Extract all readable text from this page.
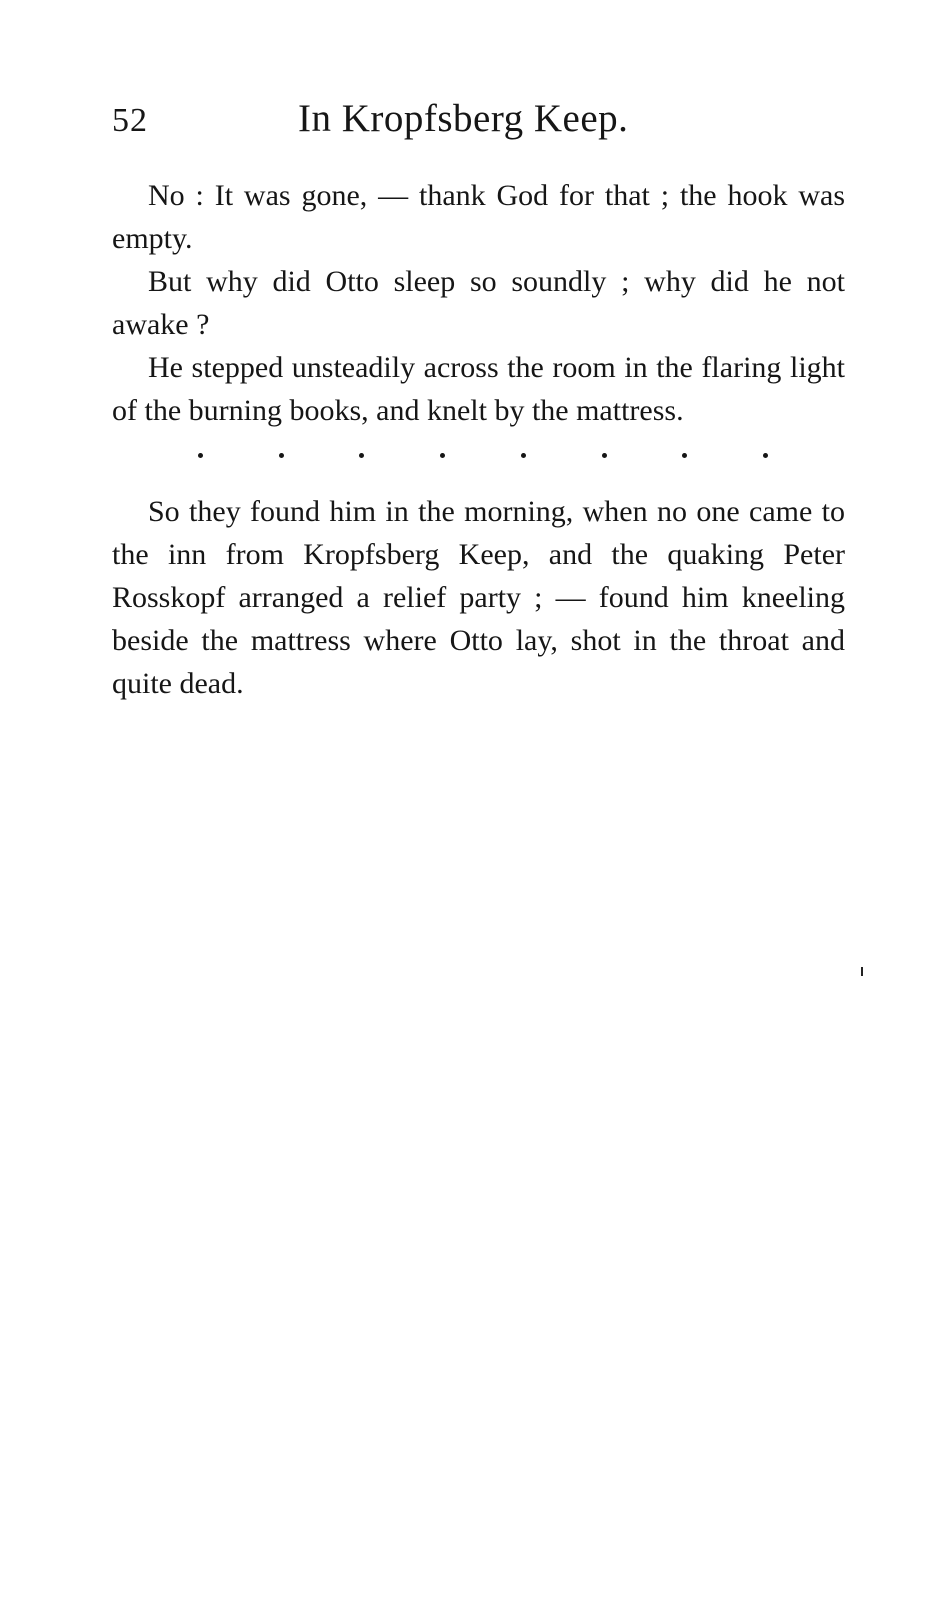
52	In Kropfsberg Keep.

No : It was gone, — thank God for that ; the hook was empty.

But why did Otto sleep so soundly ; why did he not awake ?

He stepped unsteadily across the room in the flaring light of the burning books, and knelt by the mattress.

So they found him in the morning, when no one came to the inn from Kropfsberg Keep, and the quaking Peter Rosskopf arranged a relief party ; — found him kneeling beside the mattress where Otto lay, shot in the throat and quite dead.
